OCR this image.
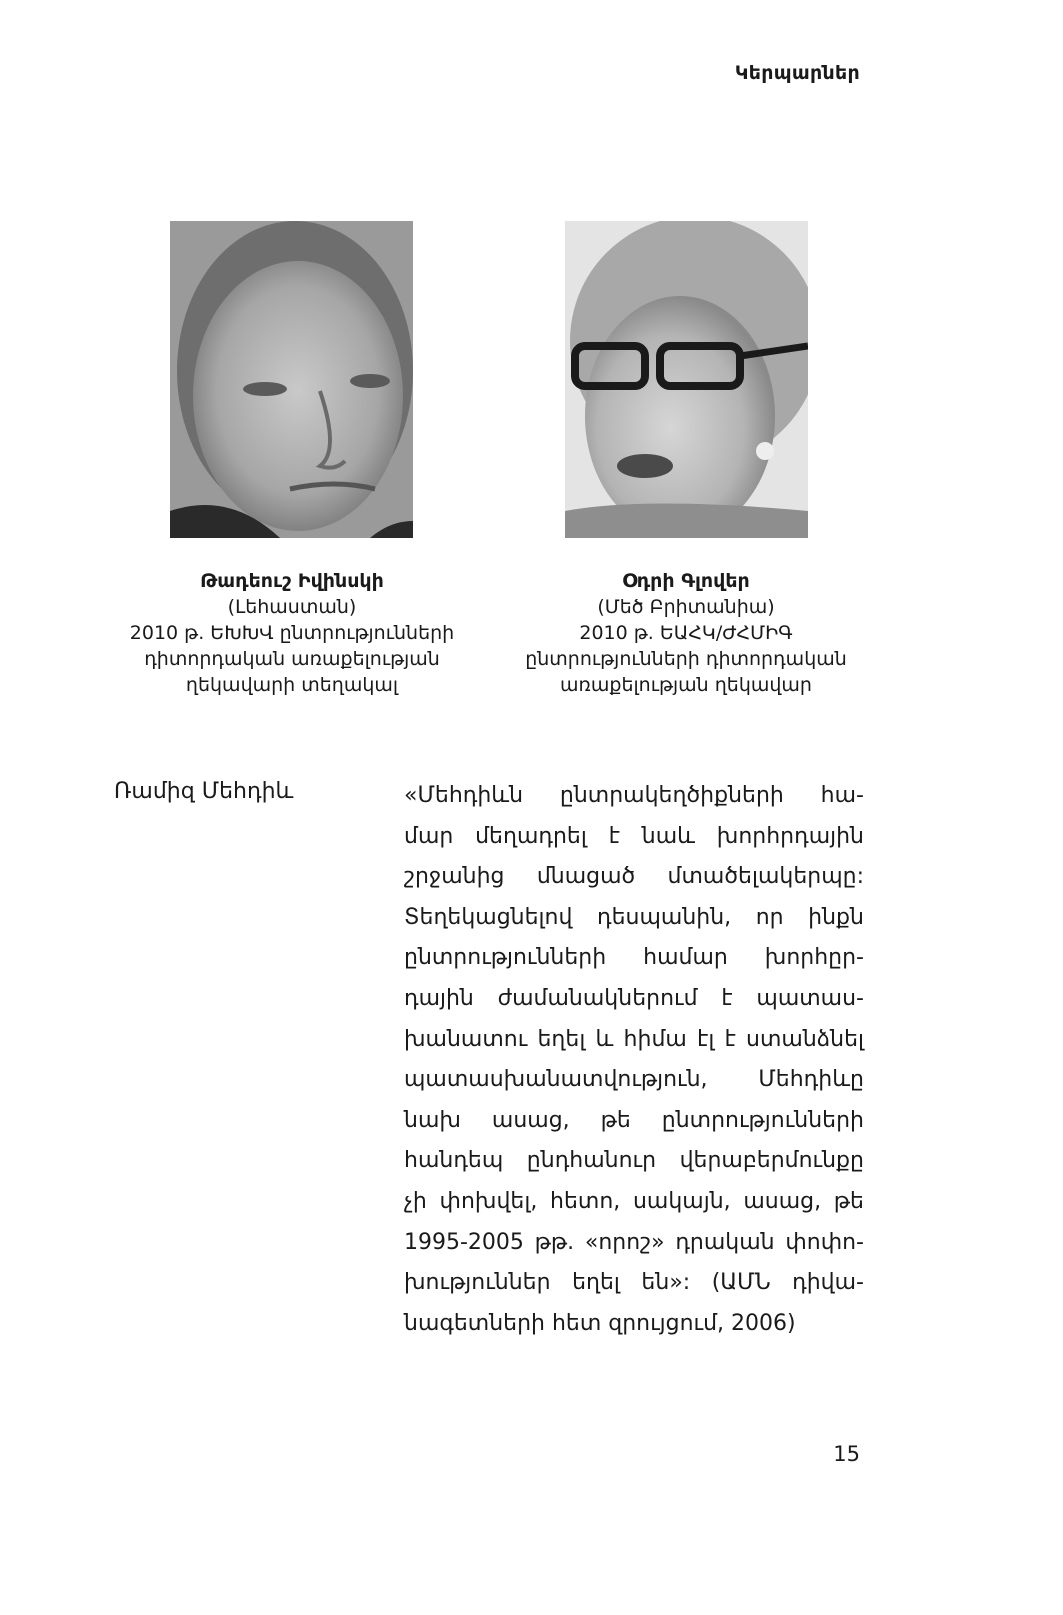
Կերպարներ
Թադեուշ Իվինսկի
(Լեհաստան)
2010 թ. ԵԽԽՎ ընտրությունների
դիտորդական առաքելության
ղեկավարի տեղակալ
Օդրի Գլովեր
(Մեծ Բրիտանիա)
2010 թ. ԵԱՀԿ/ԺՀՄԻԳ
ընտրությունների դիտորդական
առաքելության ղեկավար
Ռամիզ Մեհդիև	«Մեհդիևն ընտրակեղծիքների հա-
մար մեղադրել է նաև խորհրդային
շրջանից մնացած մտածելակերպը:
Տեղեկացնելով դեսպանին, որ ինքն
ընտրությունների համար խորհըր-
դային ժամանակներում է պատաս-
խանատու եղել և հիմա էլ է ստանձնել
պատասխանատվություն, Մեհդիևը
նախ ասաց, թե ընտրությունների
հանդեպ ընդհանուր վերաբերմունքը
չի փոխվել, հետո, սակայն, ասաց, թե
1995-2005 թթ. «որոշ» դրական փոփո-
խություններ եղել են»: (ԱՄՆ դիվա-
նագետների հետ զրույցում, 2006)
15
